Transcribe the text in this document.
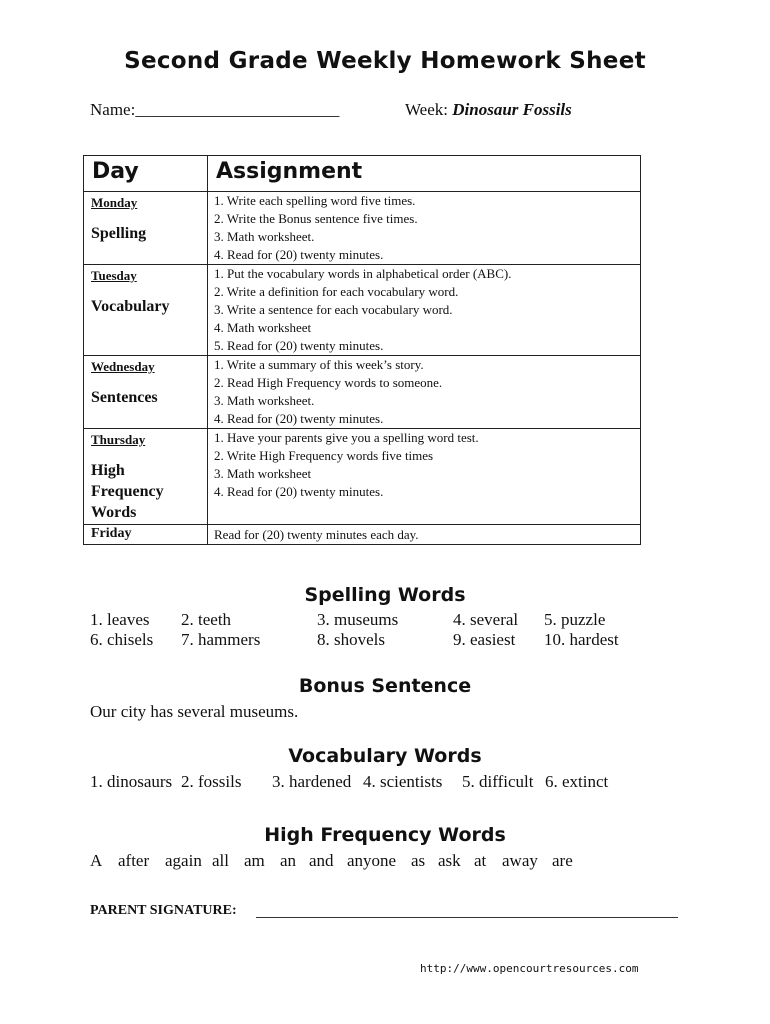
Second Grade Weekly Homework Sheet
Name:________________________	Week: Dinosaur Fossils
Day	Assignment

Monday
Spelling	1. Write each spelling word five times.
2. Write the Bonus sentence five times.
3. Math worksheet.
4. Read for (20) twenty minutes.

Tuesday
Vocabulary	1. Put the vocabulary words in alphabetical order (ABC).
2. Write a definition for each vocabulary word.
3. Write a sentence for each vocabulary word.
4. Math worksheet
5. Read for (20) twenty minutes.

Wednesday
Sentences	1. Write a summary of this week’s story.
2. Read High Frequency words to someone.
3. Math worksheet.
4. Read for (20) twenty minutes.

Thursday
High Frequency Words	1. Have your parents give you a spelling word test.
2. Write High Frequency words five times
3. Math worksheet
4. Read for (20) twenty minutes.

Friday	Read for (20) twenty minutes each day.
Spelling Words
1. leaves 2. teeth	3. museums	4. several 5. puzzle
6. chisels 7. hammers	8. shovels	9. easiest 10. hardest
Bonus Sentence
Our city has several museums.
Vocabulary Words
1. dinosaurs 2. fossils 3. hardened 4. scientists 5. difficult 6. extinct
High Frequency Words
A after again all am an and anyone as ask at away are
PARENT SIGNATURE:
http://www.opencourtresources.com
